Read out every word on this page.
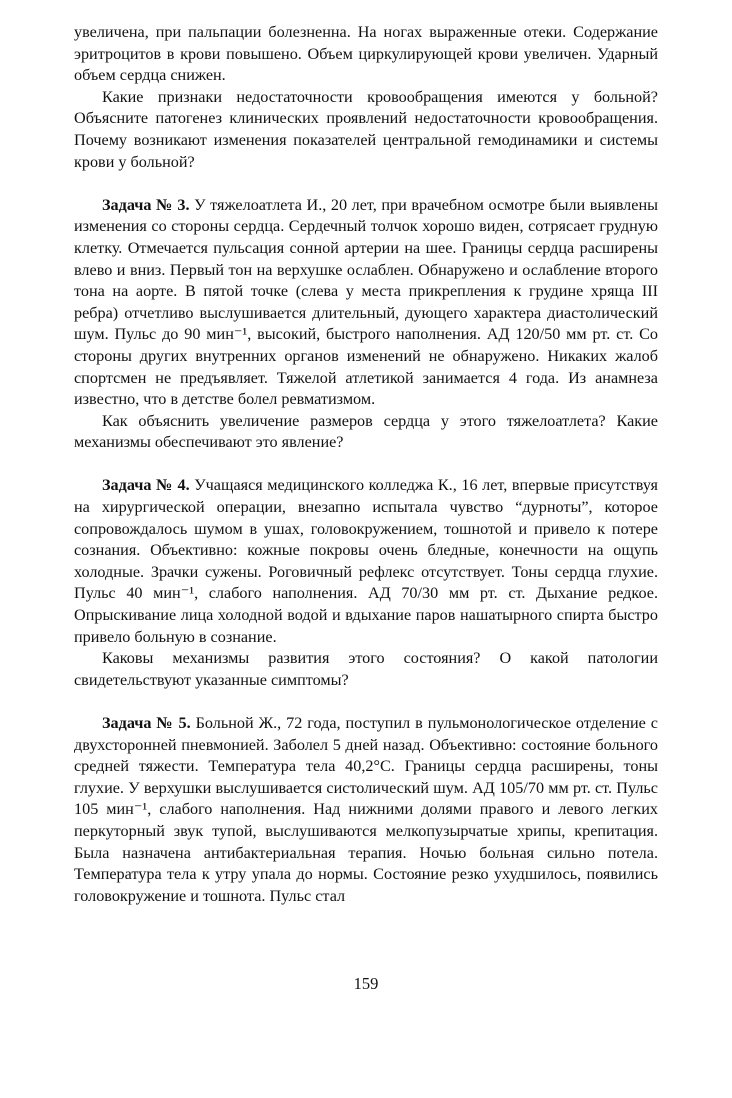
увеличена, при пальпации болезненна. На ногах выраженные отеки. Содержание эритроцитов в крови повышено. Объем циркулирующей крови увеличен. Ударный объем сердца снижен.

Какие признаки недостаточности кровообращения имеются у больной? Объясните патогенез клинических проявлений недостаточности кровообращения. Почему возникают изменения показателей центральной гемодинамики и системы крови у больной?

Задача № 3. У тяжелоатлета И., 20 лет, при врачебном осмотре были выявлены изменения со стороны сердца. Сердечный толчок хорошо виден, сотрясает грудную клетку. Отмечается пульсация сонной артерии на шее. Границы сердца расширены влево и вниз. Первый тон на верхушке ослаблен. Обнаружено и ослабление второго тона на аорте. В пятой точке (слева у места прикрепления к грудине хряща III ребра) отчетливо выслушивается длительный, дующего характера диастолический шум. Пульс до 90 мин⁻¹, высокий, быстрого наполнения. АД 120/50 мм рт. ст. Со стороны других внутренних органов изменений не обнаружено. Никаких жалоб спортсмен не предъявляет. Тяжелой атлетикой занимается 4 года. Из анамнеза известно, что в детстве болел ревматизмом.

Как объяснить увеличение размеров сердца у этого тяжелоатлета? Какие механизмы обеспечивают это явление?

Задача № 4. Учащаяся медицинского колледжа К., 16 лет, впервые присутствуя на хирургической операции, внезапно испытала чувство “дурноты”, которое сопровождалось шумом в ушах, головокружением, тошнотой и привело к потере сознания. Объективно: кожные покровы очень бледные, конечности на ощупь холодные. Зрачки сужены. Роговичный рефлекс отсутствует. Тоны сердца глухие. Пульс 40 мин⁻¹, слабого наполнения. АД 70/30 мм рт. ст. Дыхание редкое. Опрыскивание лица холодной водой и вдыхание паров нашатырного спирта быстро привело больную в сознание.

Каковы механизмы развития этого состояния? О какой патологии свидетельствуют указанные симптомы?

Задача № 5. Больной Ж., 72 года, поступил в пульмонологическое отделение с двухсторонней пневмонией. Заболел 5 дней назад. Объективно: состояние больного средней тяжести. Температура тела 40,2°С. Границы сердца расширены, тоны глухие. У верхушки выслушивается систолический шум. АД 105/70 мм рт. ст. Пульс 105 мин⁻¹, слабого наполнения. Над нижними долями правого и левого легких перкуторный звук тупой, выслушиваются мелкопузырчатые хрипы, крепитация. Была назначена антибактериальная терапия. Ночью больная сильно потела. Температура тела к утру упала до нормы. Состояние резко ухудшилось, появились головокружение и тошнота. Пульс стал

159
